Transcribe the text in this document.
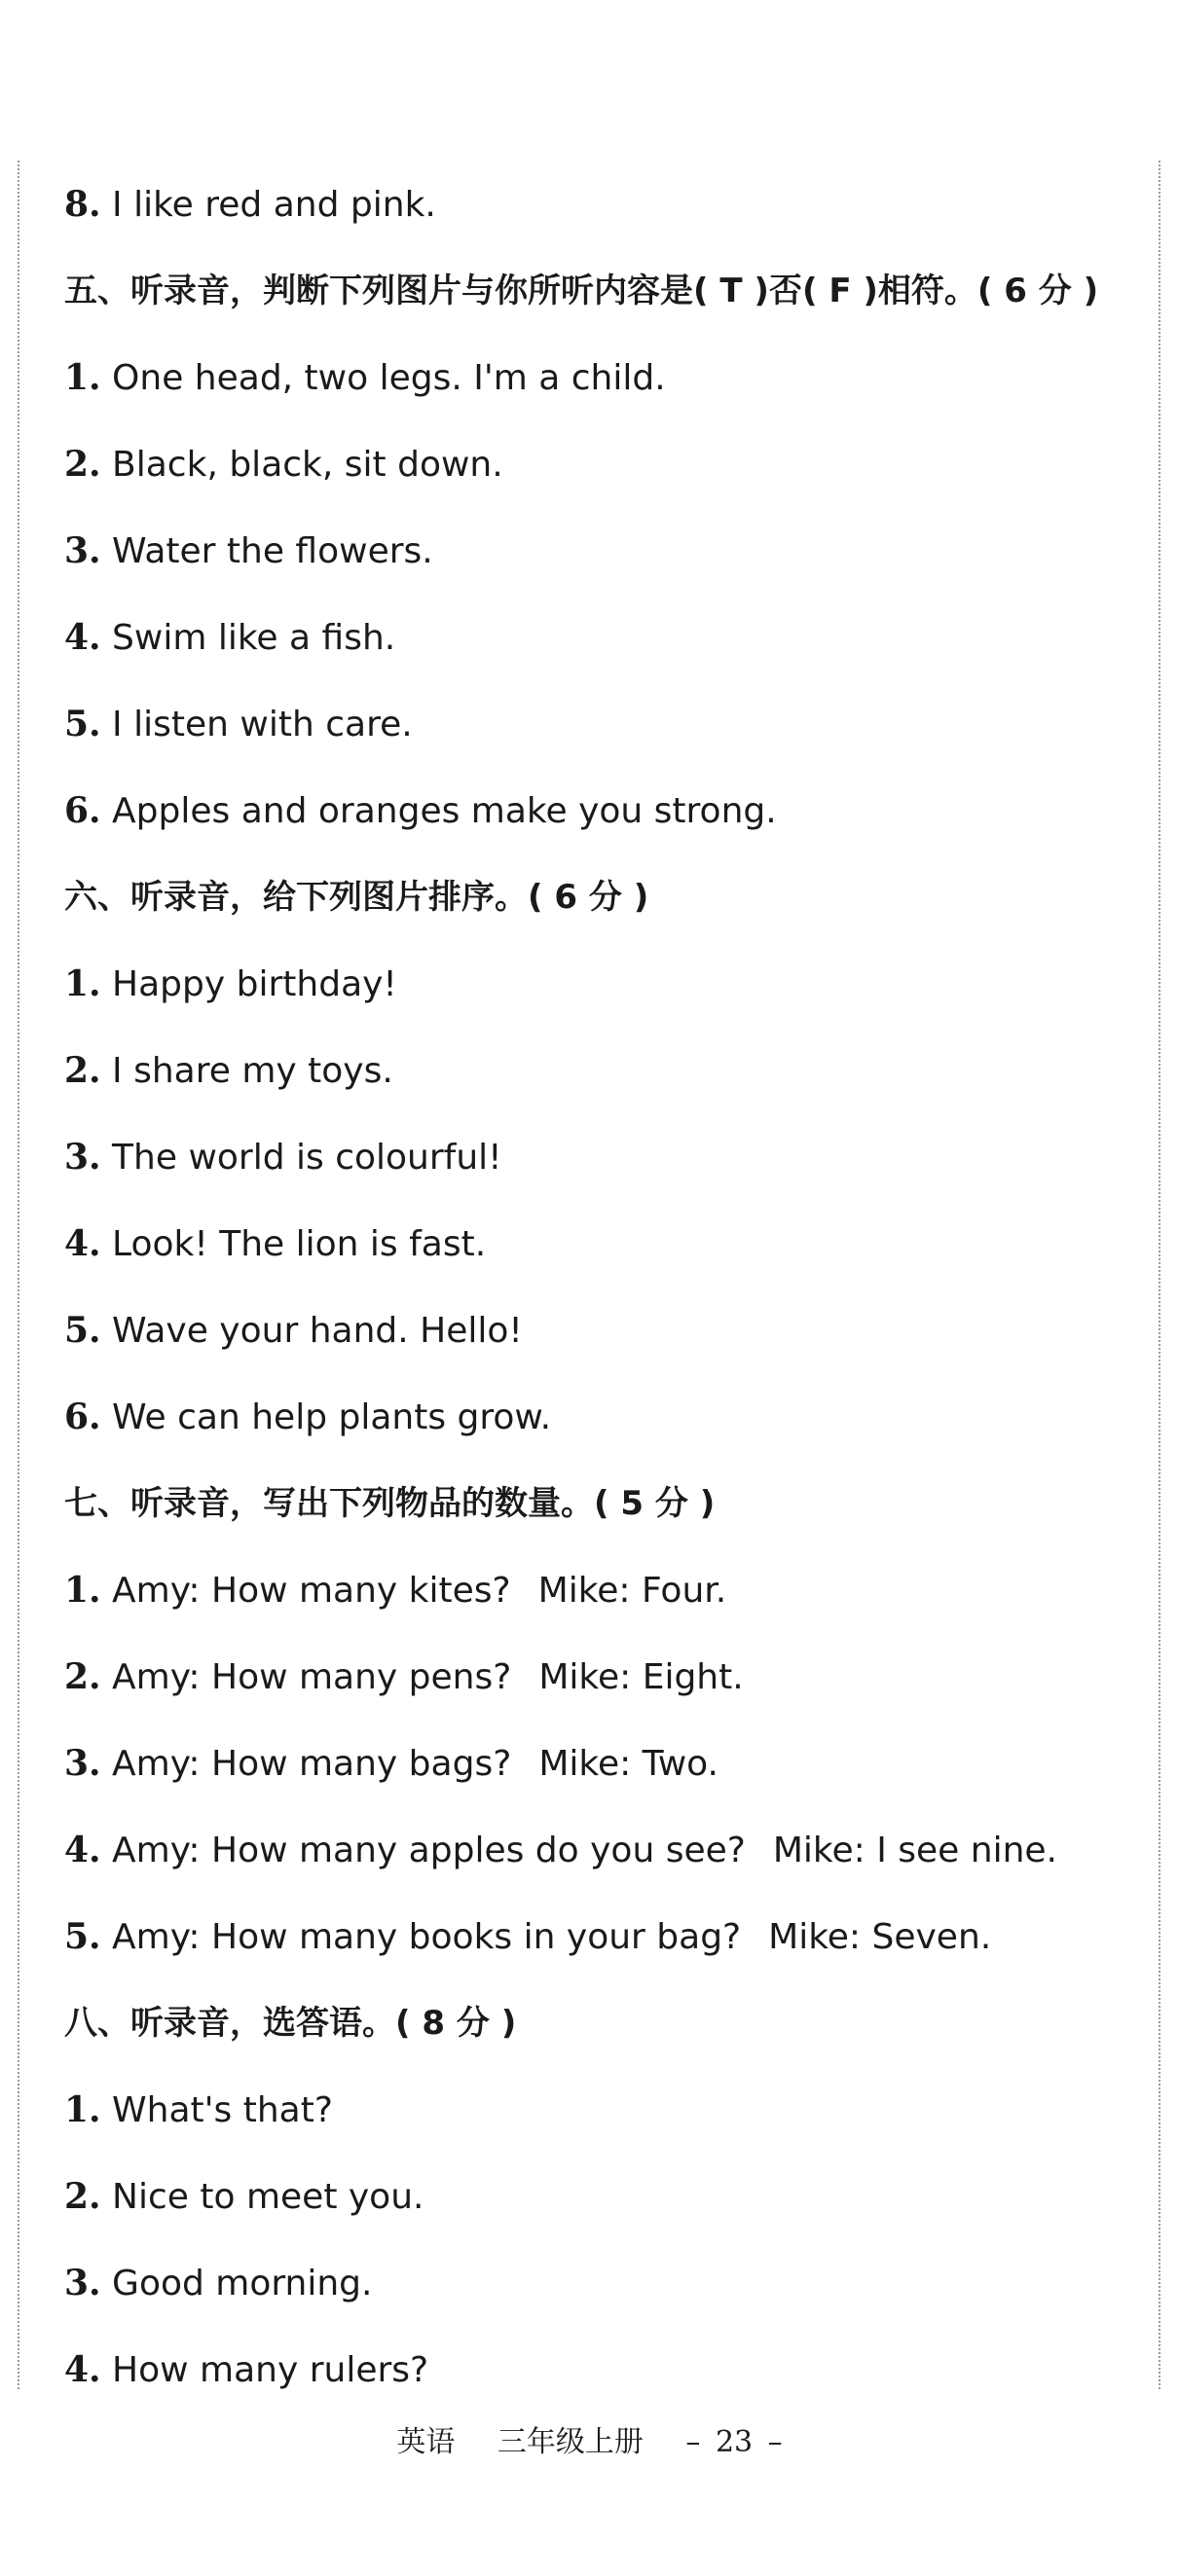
8. I like red and pink.
五、听录音，判断下列图片与你所听内容是( T )否( F )相符。( 6 分 )
1. One head, two legs. I'm a child.
2. Black, black, sit down.
3. Water the flowers.
4. Swim like a fish.
5. I listen with care.
6. Apples and oranges make you strong.
六、听录音，给下列图片排序。( 6 分 )
1. Happy birthday!
2. I share my toys.
3. The world is colourful!
4. Look! The lion is fast.
5. Wave your hand. Hello!
6. We can help plants grow.
七、听录音，写出下列物品的数量。( 5 分 )
1. Amy: How many kites? Mike: Four.
2. Amy: How many pens? Mike: Eight.
3. Amy: How many bags? Mike: Two.
4. Amy: How many apples do you see? Mike: I see nine.
5. Amy: How many books in your bag? Mike: Seven.
八、听录音，选答语。( 8 分 )
1. What's that?
2. Nice to meet you.
3. Good morning.
4. How many rulers?
英语 三年级上册 – 23 –
